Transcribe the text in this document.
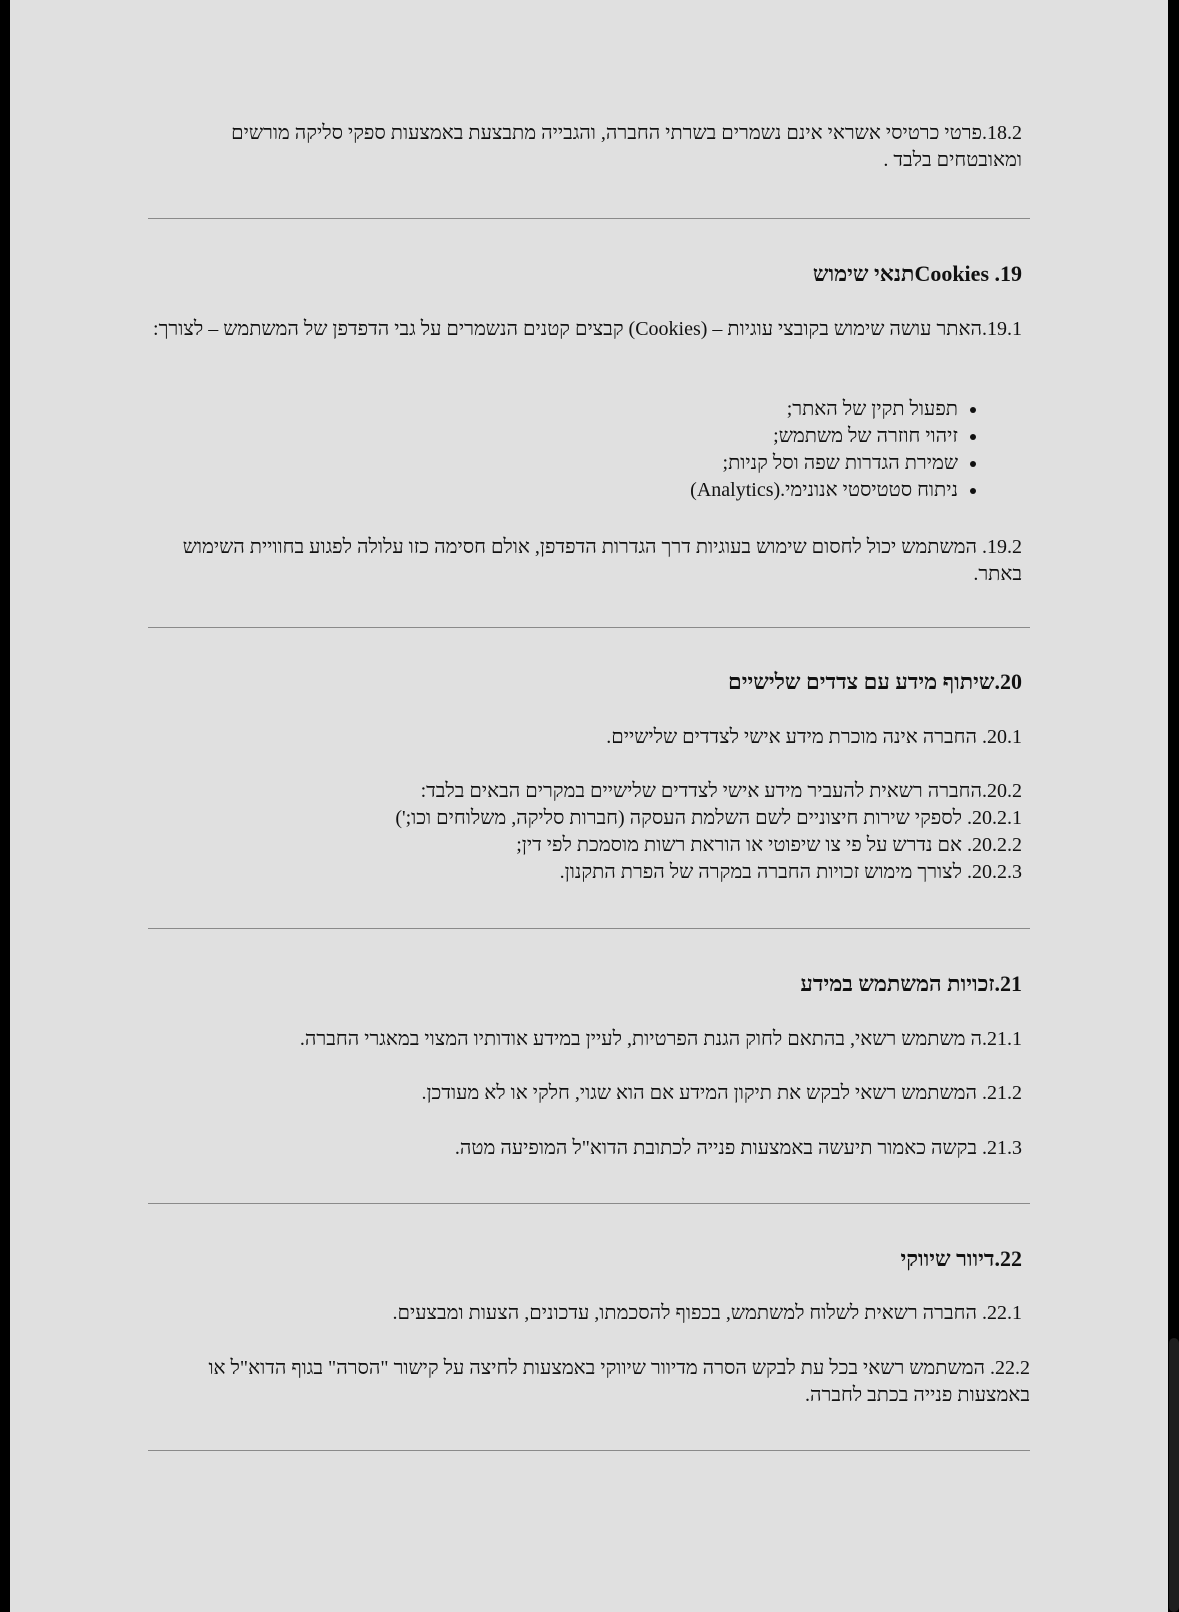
18.2.פרטי כרטיסי אשראי אינם נשמרים בשרתי החברה, והגבייה מתבצעת באמצעות ספקי סליקה מורשים ומאובטחים בלבד .

19. Cookiesתנאי שימוש

19.1.האתר עושה שימוש בקובצי עוגיות – (Cookies) קבצים קטנים הנשמרים על גבי הדפדפן של המשתמש – לצורך:

• תפעול תקין של האתר;
• זיהוי חוזרה של משתמש;
• שמירת הגדרות שפה וסל קניות;
• ניתוח סטטיסטי אנונימי.(Analytics)

19.2. המשתמש יכול לחסום שימוש בעוגיות דרך הגדרות הדפדפן, אולם חסימה כזו עלולה לפגוע בחוויית השימוש באתר.

20.שיתוף מידע עם צדדים שלישיים

20.1. החברה אינה מוכרת מידע אישי לצדדים שלישיים.

20.2.החברה רשאית להעביר מידע אישי לצדדים שלישיים במקרים הבאים בלבד:

20.2.1. לספקי שירות חיצוניים לשם השלמת העסקה (חברות סליקה, משלוחים וכו;')
20.2.2. אם נדרש על פי צו שיפוטי או הוראת רשות מוסמכת לפי דין;
20.2.3. לצורך מימוש זכויות החברה במקרה של הפרת התקנון.
21.זכויות המשתמש במידע

21.1.ה משתמש רשאי, בהתאם לחוק הגנת הפרטיות, לעיין במידע אודותיו המצוי במאגרי החברה.

21.2. המשתמש רשאי לבקש את תיקון המידע אם הוא שגוי, חלקי או לא מעודכן.

21.3. בקשה כאמור תיעשה באמצעות פנייה לכתובת הדוא"ל המופיעה מטה.

22.דיוור שיווקי

22.1. החברה רשאית לשלוח למשתמש, בכפוף להסכמתו, עדכונים, הצעות ומבצעים.

22.2. המשתמש רשאי בכל עת לבקש הסרה מדיוור שיווקי באמצעות לחיצה על קישור "הסרה" בגוף הדוא"ל או באמצעות פנייה בכתב לחברה.
